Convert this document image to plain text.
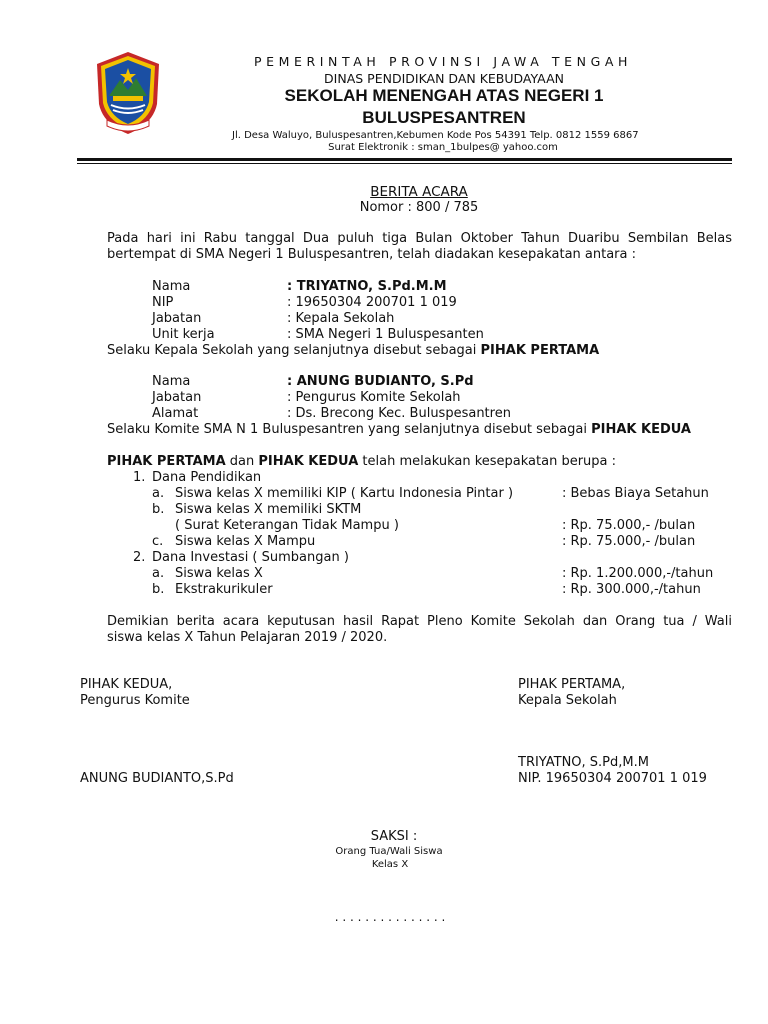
PEMERINTAH PROVINSI JAWA TENGAH
DINAS PENDIDIKAN DAN KEBUDAYAAN
SEKOLAH MENENGAH ATAS NEGERI 1
BULUSPESANTREN
Jl. Desa Waluyo, Buluspesantren,Kebumen Kode Pos 54391 Telp. 0812 1559 6867
Surat Elektronik : sman_1bulpes@ yahoo.com
BERITA ACARA
Nomor : 800 / 785
Pada hari ini Rabu tanggal Dua puluh tiga Bulan Oktober Tahun Duaribu Sembilan Belas
bertempat di SMA Negeri 1 Buluspesantren, telah diadakan kesepakatan antara :
Nama	: TRIYATNO, S.Pd.M.M
NIP	: 19650304 200701 1 019
Jabatan	: Kepala Sekolah
Unit kerja	: SMA Negeri 1 Buluspesanten
Selaku Kepala Sekolah yang selanjutnya disebut sebagai PIHAK PERTAMA
Nama	: ANUNG BUDIANTO, S.Pd
Jabatan	: Pengurus Komite Sekolah
Alamat	: Ds. Brecong Kec. Buluspesantren
Selaku Komite SMA N 1 Buluspesantren yang selanjutnya disebut sebagai PIHAK KEDUA
PIHAK PERTAMA dan PIHAK KEDUA telah melakukan kesepakatan berupa :
1. Dana Pendidikan
a. Siswa kelas X memiliki KIP ( Kartu Indonesia Pintar )	: Bebas Biaya Setahun
b. Siswa kelas X memiliki SKTM
( Surat Keterangan Tidak Mampu )	: Rp. 75.000,- /bulan
c. Siswa kelas X Mampu	: Rp. 75.000,- /bulan
2. Dana Investasi ( Sumbangan )
a. Siswa kelas X	: Rp. 1.200.000,-/tahun
b. Ekstrakurikuler	: Rp. 300.000,-/tahun
Demikian berita acara keputusan hasil Rapat Pleno Komite Sekolah dan Orang tua / Wali
siswa kelas X Tahun Pelajaran 2019 / 2020.
PIHAK KEDUA,
Pengurus Komite
ANUNG BUDIANTO,S.Pd
PIHAK PERTAMA,
Kepala Sekolah
TRIYATNO, S.Pd,M.M
NIP. 19650304 200701 1 019
SAKSI :
Orang Tua/Wali Siswa
Kelas X
. . . . . . . . . . . . . . .
